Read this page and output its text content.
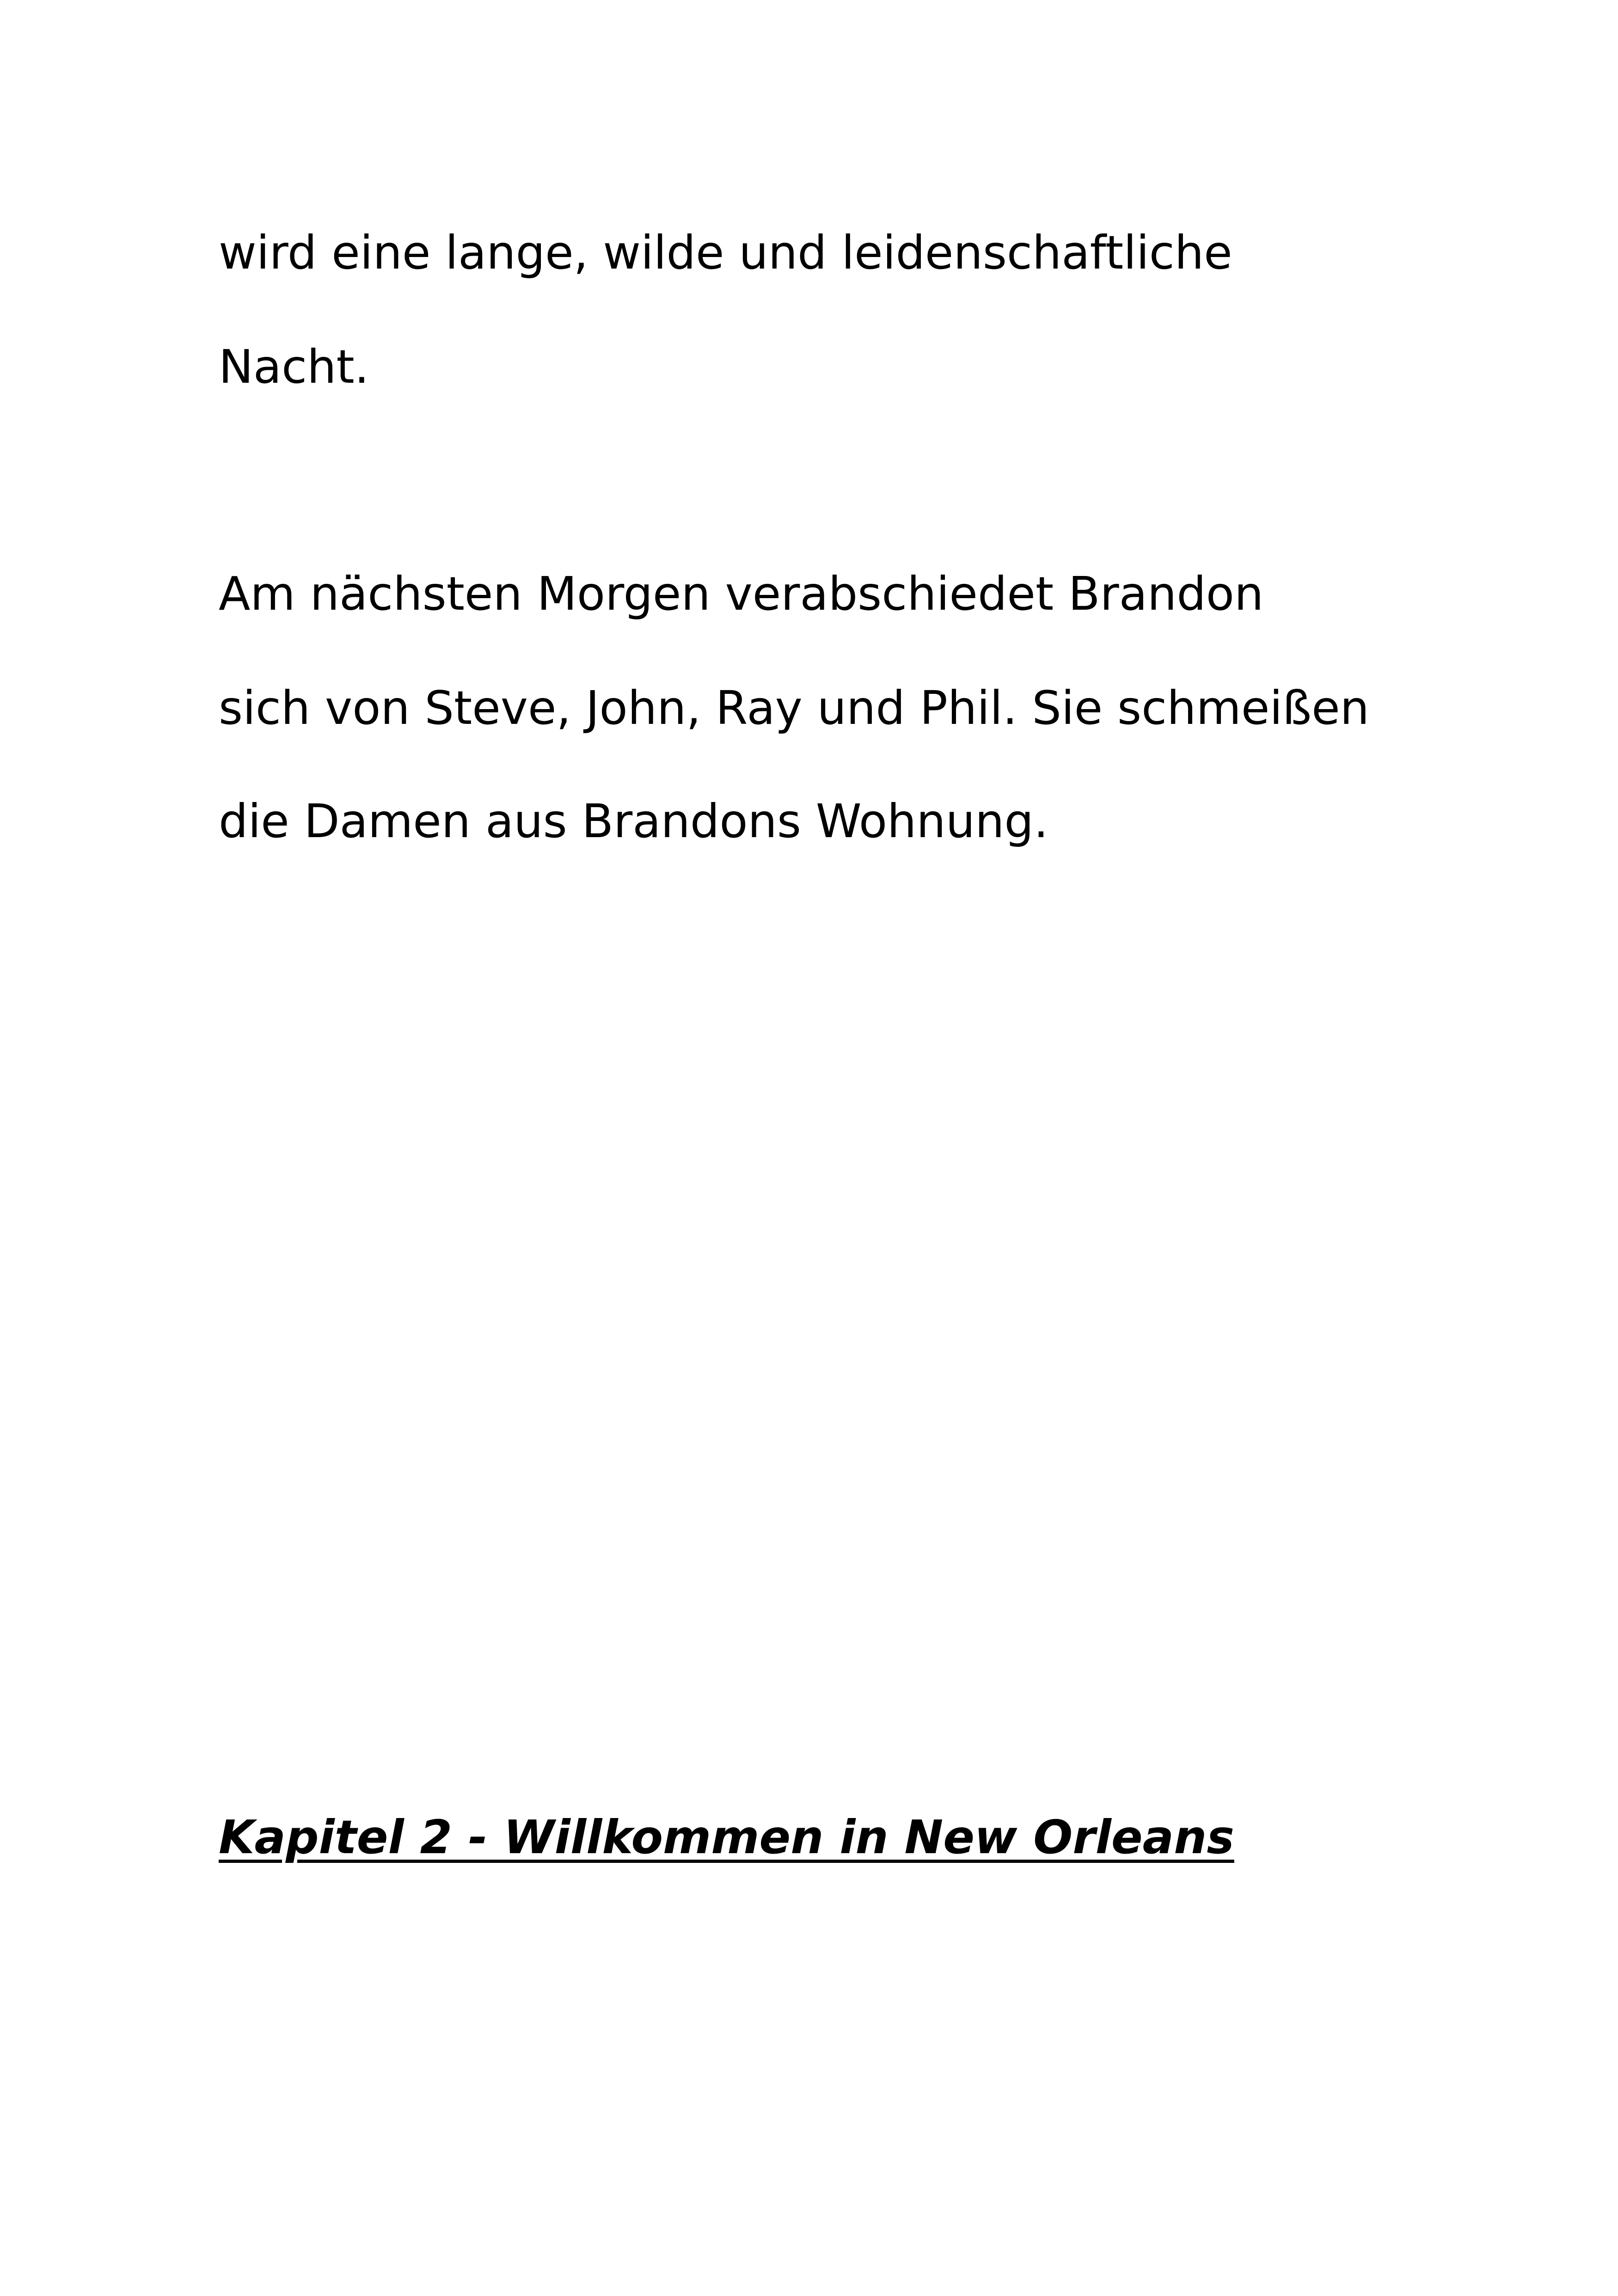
wird eine lange, wilde und leidenschaftliche
Nacht.
Am nächsten Morgen verabschiedet Brandon
sich von Steve, John, Ray und Phil. Sie schmeißen
die Damen aus Brandons Wohnung.
Kapitel 2 - Willkommen in New Orleans
